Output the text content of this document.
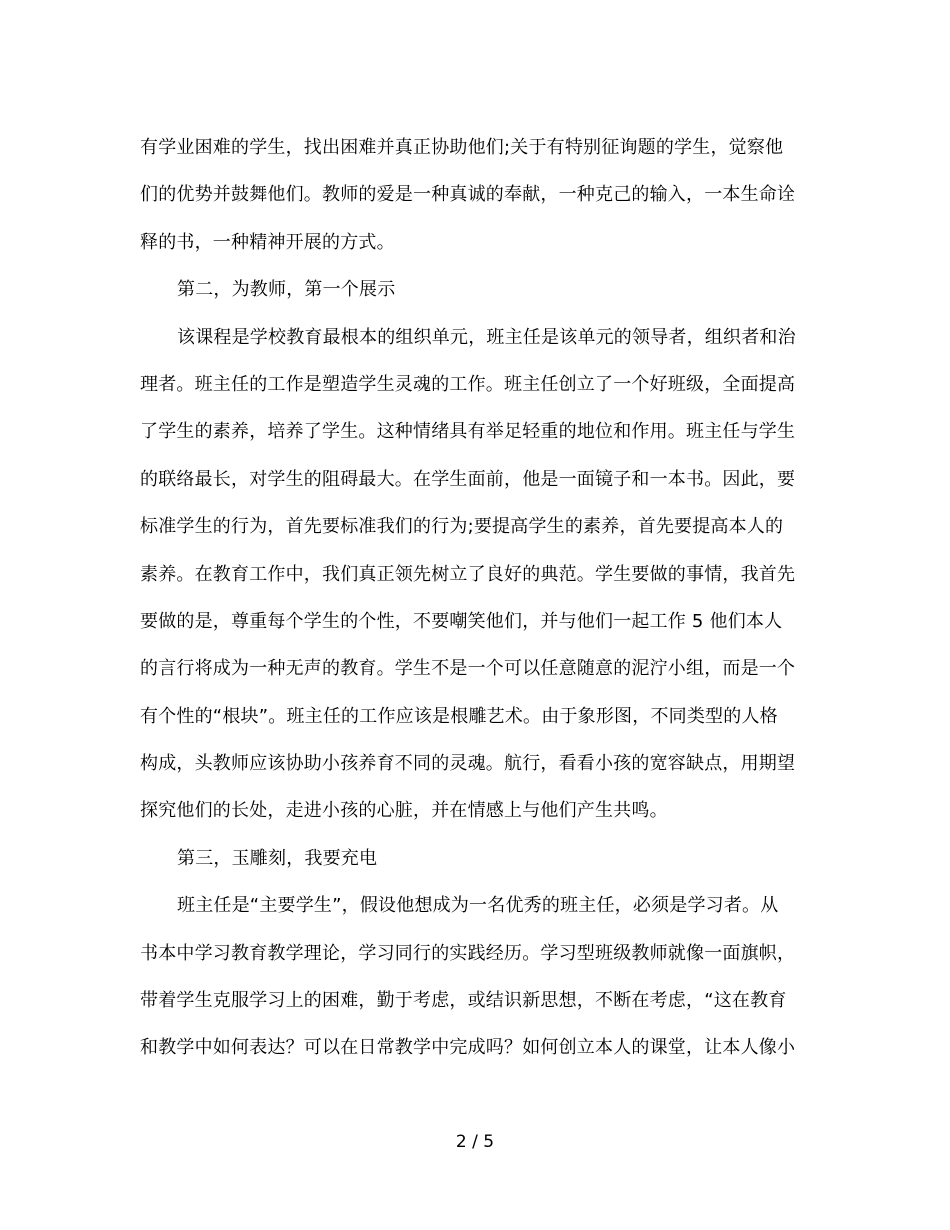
有学业困难的学生，找出困难并真正协助他们;关于有特别征询题的学生，觉察他
们的优势并鼓舞他们。教师的爱是一种真诚的奉献，一种克己的输入，一本生命诠
释的书，一种精神开展的方式。
第二，为教师，第一个展示
该课程是学校教育最根本的组织单元，班主任是该单元的领导者，组织者和治
理者。班主任的工作是塑造学生灵魂的工作。班主任创立了一个好班级，全面提高
了学生的素养，培养了学生。这种情绪具有举足轻重的地位和作用。班主任与学生
的联络最长，对学生的阻碍最大。在学生面前，他是一面镜子和一本书。因此，要
标准学生的行为，首先要标准我们的行为;要提高学生的素养，首先要提高本人的
素养。在教育工作中，我们真正领先树立了良好的典范。学生要做的事情，我首先
要做的是，尊重每个学生的个性，不要嘲笑他们，并与他们一起工作 5 他们本人
的言行将成为一种无声的教育。学生不是一个可以任意随意的泥泞小组，而是一个
有个性的“根块”。班主任的工作应该是根雕艺术。由于象形图，不同类型的人格
构成，头教师应该协助小孩养育不同的灵魂。航行，看看小孩的宽容缺点，用期望
探究他们的长处，走进小孩的心脏，并在情感上与他们产生共鸣。
第三，玉雕刻，我要充电
班主任是“主要学生”，假设他想成为一名优秀的班主任，必须是学习者。从
书本中学习教育教学理论，学习同行的实践经历。学习型班级教师就像一面旗帜，
带着学生克服学习上的困难，勤于考虑，或结识新思想，不断在考虑，“这在教育
和教学中如何表达？可以在日常教学中完成吗？如何创立本人的课堂，让本人像小
2 / 5
